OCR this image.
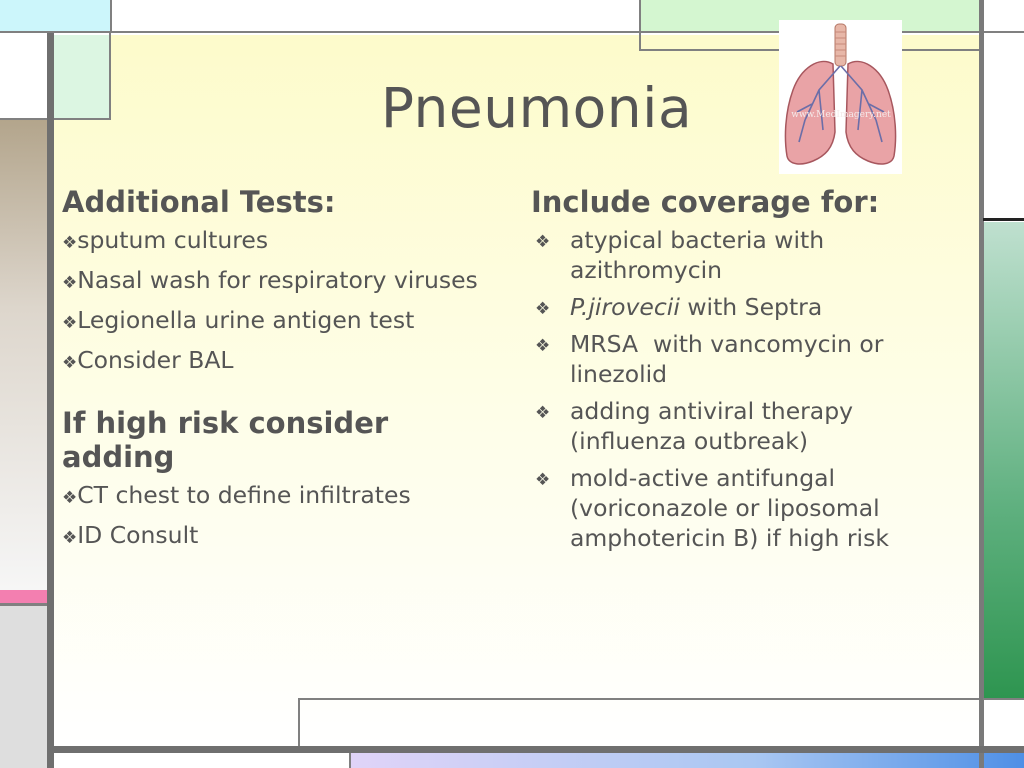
www.MedImagery.net
Pneumonia
Additional Tests:
❖sputum cultures
❖Nasal wash for respiratory viruses
❖Legionella urine antigen test
❖Consider BAL
If high risk consider adding
❖CT chest to define infiltrates
❖ID Consult
Include coverage for:
❖ atypical bacteria with azithromycin
❖ P.jirovecii with Septra
❖ MRSA  with vancomycin or linezolid
❖ adding antiviral therapy (influenza outbreak)
❖ mold-active antifungal (voriconazole or liposomal amphotericin B) if high risk
